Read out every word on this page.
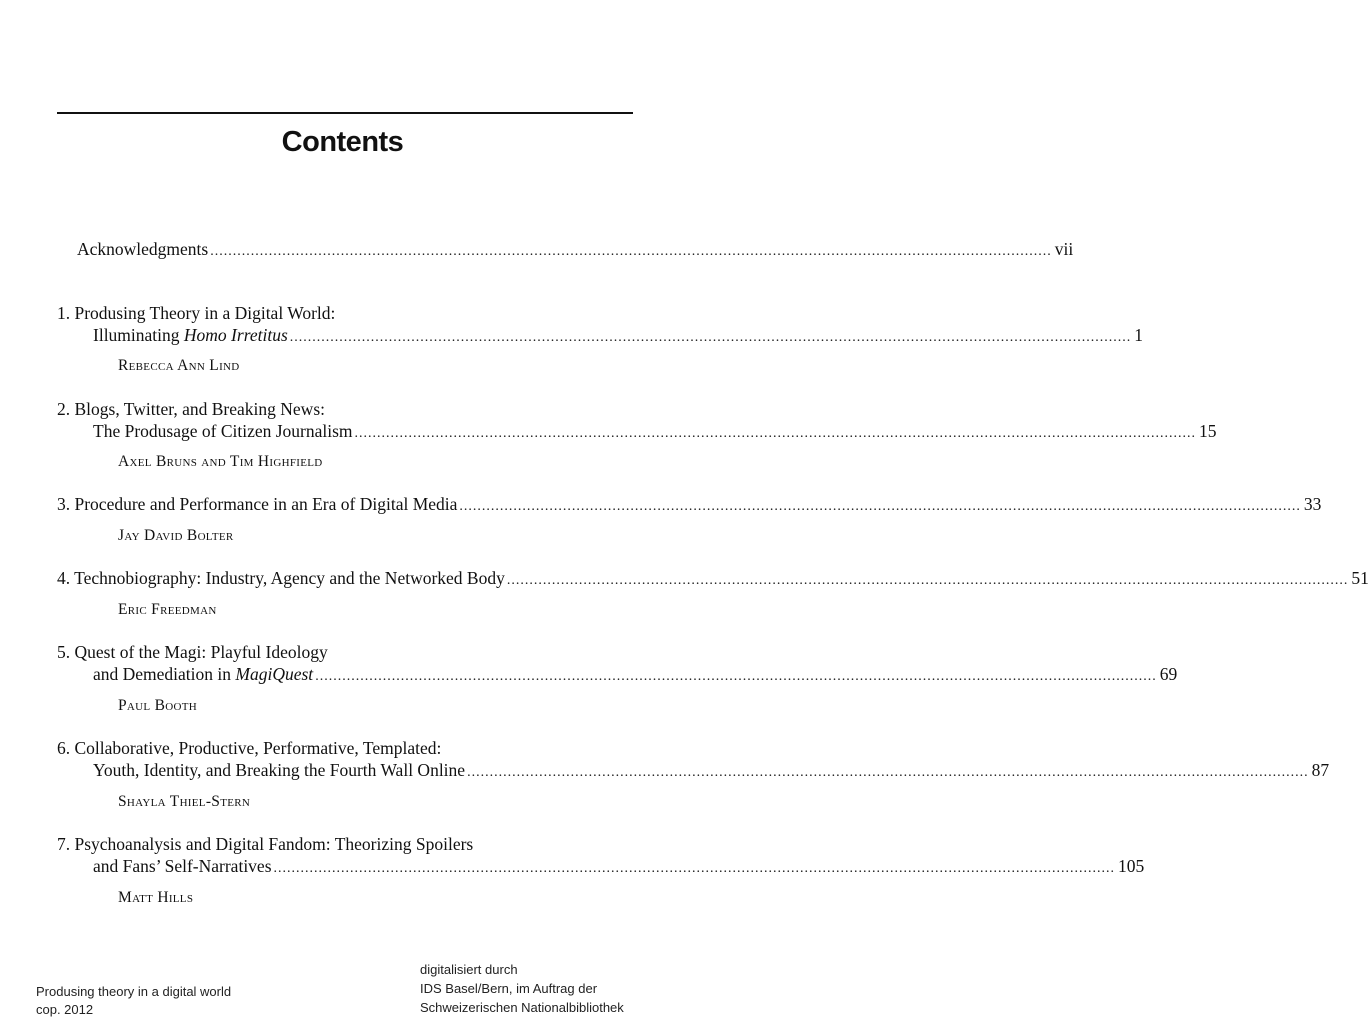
Contents
Acknowledgments ........................................................................................................................................................................................... vii
1. Produsing Theory in a Digital World:
Illuminating Homo Irretitus ........................................................................................................................................................................................... 1
Rebecca Ann Lind
2. Blogs, Twitter, and Breaking News:
The Produsage of Citizen Journalism ........................................................................................................................................................................................... 15
Axel Bruns and Tim Highfield
3. Procedure and Performance in an Era of Digital Media ........................................................................................................................................................................................... 33
Jay David Bolter
4. Technobiography: Industry, Agency and the Networked Body ........................................................................................................................................................................................... 51
Eric Freedman
5. Quest of the Magi: Playful Ideology
and Demediation in MagiQuest ........................................................................................................................................................................................... 69
Paul Booth
6. Collaborative, Productive, Performative, Templated:
Youth, Identity, and Breaking the Fourth Wall Online ........................................................................................................................................................................................... 87
Shayla Thiel-Stern
7. Psychoanalysis and Digital Fandom: Theorizing Spoilers
and Fans’ Self-Narratives ........................................................................................................................................................................................... 105
Matt Hills
Produsing theory in a digital world
cop. 2012
digitalisiert durch
IDS Basel/Bern, im Auftrag der
Schweizerischen Nationalbibliothek
